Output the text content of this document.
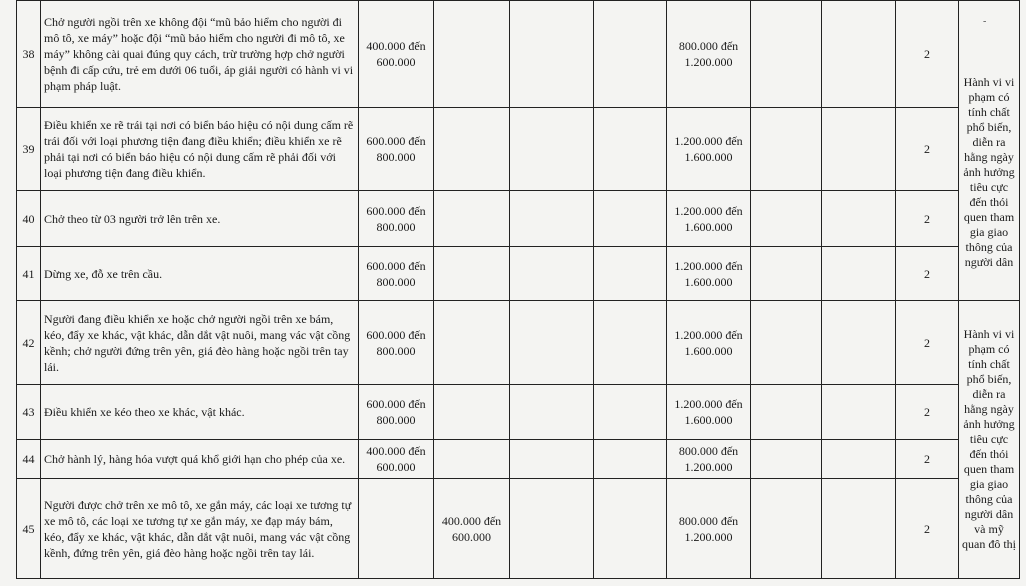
-
38	Chở người ngồi trên xe không đội “mũ bảo hiểm cho người đi mô tô, xe máy” hoặc đội “mũ bảo hiểm cho người đi mô tô, xe máy” không cài quai đúng quy cách, trừ trường hợp chở người bệnh đi cấp cứu, trẻ em dưới 06 tuổi, áp giải người có hành vi vi phạm pháp luật.	400.000 đến 600.000				800.000 đến 1.200.000			2	Hành vi vi phạm có tính chất phổ biến, diễn ra hằng ngày ảnh hưởng tiêu cực đến thói quen tham gia giao thông của người dân
39	Điều khiển xe rẽ trái tại nơi có biển báo hiệu có nội dung cấm rẽ trái đối với loại phương tiện đang điều khiển; điều khiển xe rẽ phải tại nơi có biển báo hiệu có nội dung cấm rẽ phải đối với loại phương tiện đang điều khiển.	600.000 đến 800.000				1.200.000 đến 1.600.000			2	
40	Chở theo từ 03 người trở lên trên xe.	600.000 đến 800.000				1.200.000 đến 1.600.000			2	
41	Dừng xe, đỗ xe trên cầu.	600.000 đến 800.000				1.200.000 đến 1.600.000			2	
42	Người đang điều khiển xe hoặc chở người ngồi trên xe bám, kéo, đẩy xe khác, vật khác, dẫn dắt vật nuôi, mang vác vật cồng kềnh; chở người đứng trên yên, giá đèo hàng hoặc ngồi trên tay lái.	600.000 đến 800.000				1.200.000 đến 1.600.000			2	Hành vi vi phạm có tính chất phổ biến, diễn ra hằng ngày ảnh hưởng tiêu cực đến thói quen tham gia giao thông của người dân và mỹ quan đô thị
43	Điều khiển xe kéo theo xe khác, vật khác.	600.000 đến 800.000				1.200.000 đến 1.600.000			2	
44	Chở hành lý, hàng hóa vượt quá khổ giới hạn cho phép của xe.	400.000 đến 600.000				800.000 đến 1.200.000			2	
45	Người được chở trên xe mô tô, xe gắn máy, các loại xe tương tự xe mô tô, các loại xe tương tự xe gắn máy, xe đạp máy bám, kéo, đẩy xe khác, vật khác, dẫn dắt vật nuôi, mang vác vật cồng kềnh, đứng trên yên, giá đèo hàng hoặc ngồi trên tay lái.		400.000 đến 600.000			800.000 đến 1.200.000			2	
